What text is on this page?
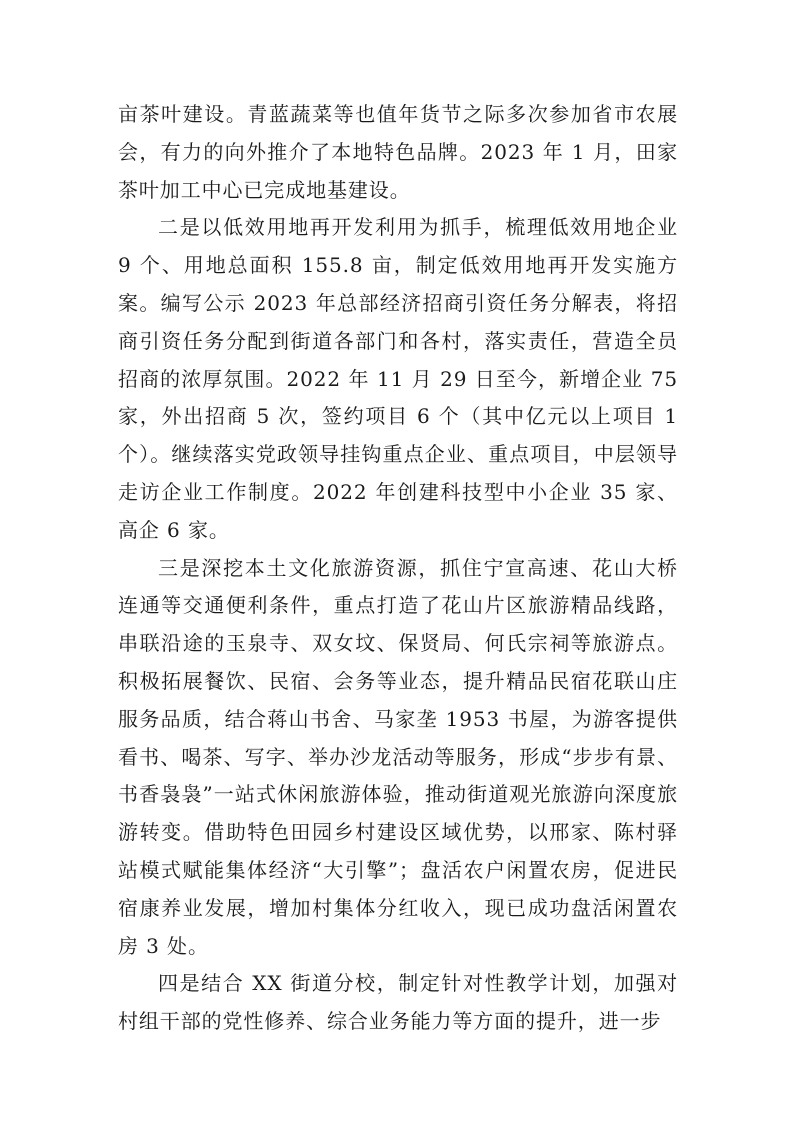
亩茶叶建设。青蓝蔬菜等也值年货节之际多次参加省市农展会，有力的向外推介了本地特色品牌。2023 年 1 月，田家茶叶加工中心已完成地基建设。

二是以低效用地再开发利用为抓手，梳理低效用地企业 9 个、用地总面积 155.8 亩，制定低效用地再开发实施方案。编写公示 2023 年总部经济招商引资任务分解表，将招商引资任务分配到街道各部门和各村，落实责任，营造全员招商的浓厚氛围。2022 年 11 月 29 日至今，新增企业 75 家，外出招商 5 次，签约项目 6 个（其中亿元以上项目 1 个）。继续落实党政领导挂钩重点企业、重点项目，中层领导走访企业工作制度。2022 年创建科技型中小企业 35 家、高企 6 家。

三是深挖本土文化旅游资源，抓住宁宣高速、花山大桥连通等交通便利条件，重点打造了花山片区旅游精品线路，串联沿途的玉泉寺、双女坟、保贤局、何氏宗祠等旅游点。积极拓展餐饮、民宿、会务等业态，提升精品民宿花联山庄服务品质，结合蒋山书舍、马家垄 1953 书屋，为游客提供看书、喝茶、写字、举办沙龙活动等服务，形成“步步有景、书香袅袅”一站式休闲旅游体验，推动街道观光旅游向深度旅游转变。借助特色田园乡村建设区域优势，以邢家、陈村驿站模式赋能集体经济“大引擎”；盘活农户闲置农房，促进民宿康养业发展，增加村集体分红收入，现已成功盘活闲置农房 3 处。

四是结合 XX 街道分校，制定针对性教学计划，加强对村组干部的党性修养、综合业务能力等方面的提升，进一步
